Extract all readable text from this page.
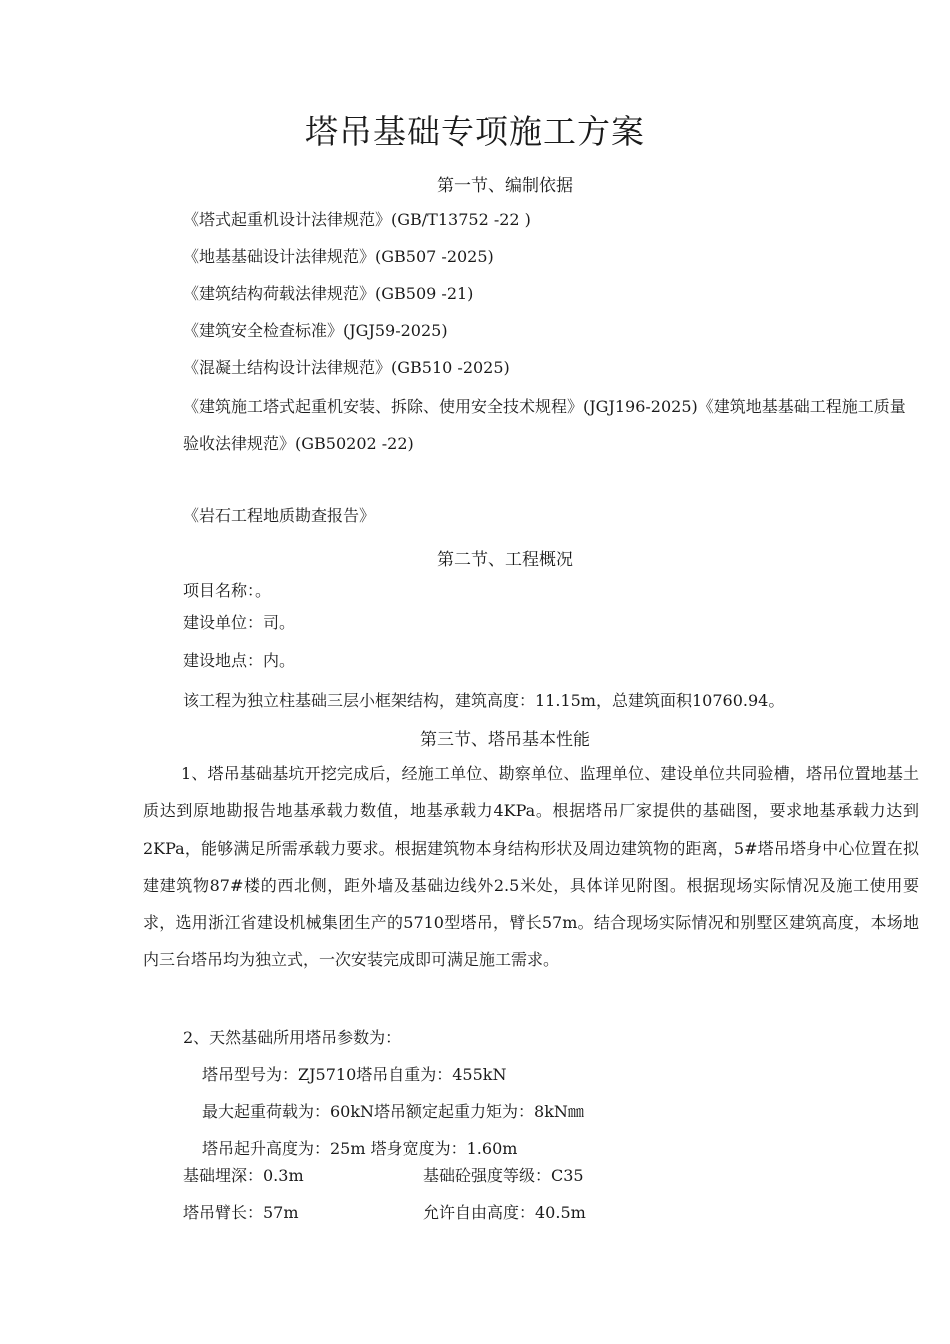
塔吊基础专项施工方案
第一节、编制依据
《塔式起重机设计法律规范》(GB/T13752 -22 )
《地基基础设计法律规范》(GB507 -2025)
《建筑结构荷载法律规范》(GB509 -21)
《建筑安全检查标准》(JGJ59-2025)
《混凝土结构设计法律规范》(GB510 -2025)
《建筑施工塔式起重机安装、拆除、使用安全技术规程》(JGJ196-2025)《建筑地基基础工程施工质量验收法律规范》(GB50202 -22)
《岩石工程地质勘查报告》
第二节、工程概况
项目名称：。
建设单位：司。
建设地点：内。
该工程为独立柱基础三层小框架结构，建筑高度：11.15m，总建筑面积10760.94。
第三节、塔吊基本性能
1、塔吊基础基坑开挖完成后，经施工单位、勘察单位、监理单位、建设单位共同验槽，塔吊位置地基土质达到原地勘报告地基承载力数值，地基承载力4KPa。根据塔吊厂家提供的基础图，要求地基承载力达到2KPa，能够满足所需承载力要求。根据建筑物本身结构形状及周边建筑物的距离，5#塔吊塔身中心位置在拟建建筑物87#楼的西北侧，距外墙及基础边线外2.5米处，具体详见附图。根据现场实际情况及施工使用要求，选用浙江省建设机械集团生产的5710型塔吊，臂长57m。结合现场实际情况和别墅区建筑高度，本场地内三台塔吊均为独立式，一次安装完成即可满足施工需求。
2、天然基础所用塔吊参数为：
塔吊型号为：ZJ5710塔吊自重为：455kN
最大起重荷载为：60kN塔吊额定起重力矩为：8kN㎜
塔吊起升高度为：25m 塔身宽度为：1.60m
基础埋深：0.3m	基础砼强度等级：C35
塔吊臂长：57m	允许自由高度：40.5m
